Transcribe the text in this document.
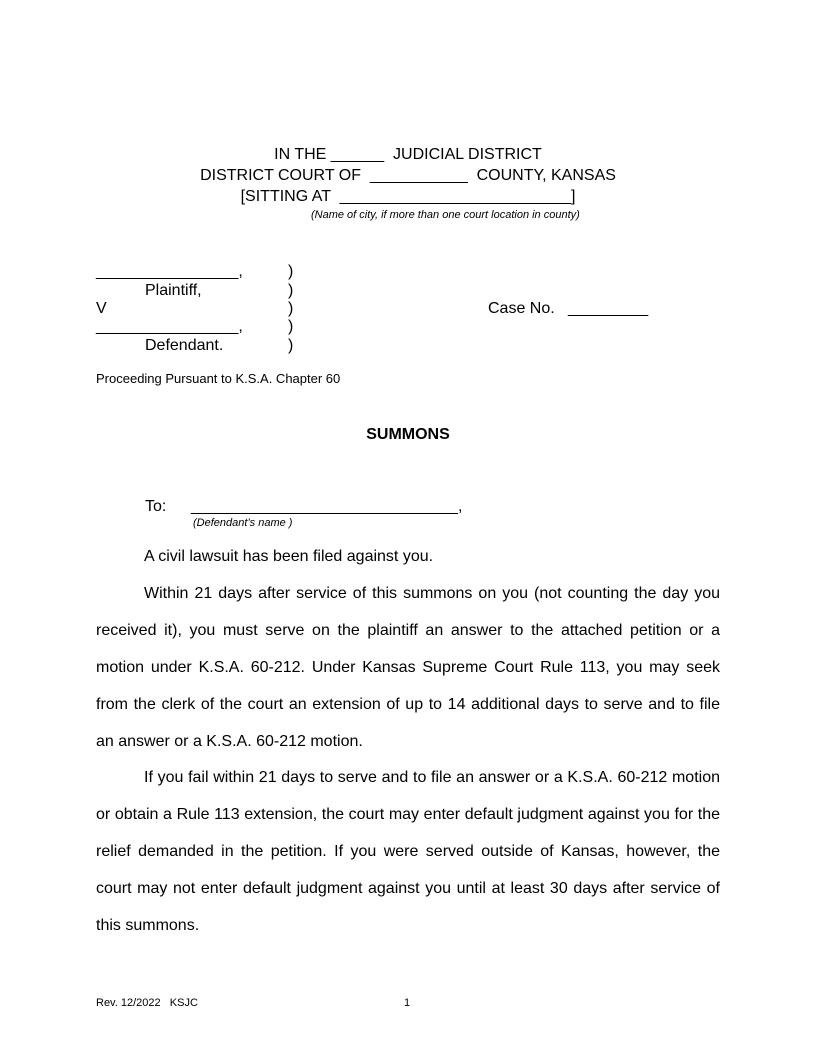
IN THE ______  JUDICIAL DISTRICT
DISTRICT COURT OF  ___________  COUNTY, KANSAS
[SITTING AT  __________________________]
(Name of city, if more than one court location in county)
________________,
Plaintiff,
V
________________,
Defendant.
)
)
)
)
)
Case No. _________
Proceeding Pursuant to K.S.A. Chapter 60
SUMMONS
To: ______________________________,
(Defendant’s name )

A civil lawsuit has been filed against you.

Within 21 days after service of this summons on you (not counting the day you received it), you must serve on the plaintiff an answer to the attached petition or a motion under K.S.A. 60-212. Under Kansas Supreme Court Rule 113, you may seek from the clerk of the court an extension of up to 14 additional days to serve and to file an answer or a K.S.A. 60-212 motion.

If you fail within 21 days to serve and to file an answer or a K.S.A. 60-212 motion or obtain a Rule 113 extension, the court may enter default judgment against you for the relief demanded in the petition. If you were served outside of Kansas, however, the court may not enter default judgment against you until at least 30 days after service of this summons.

Rev. 12/2022   KSJC	1
